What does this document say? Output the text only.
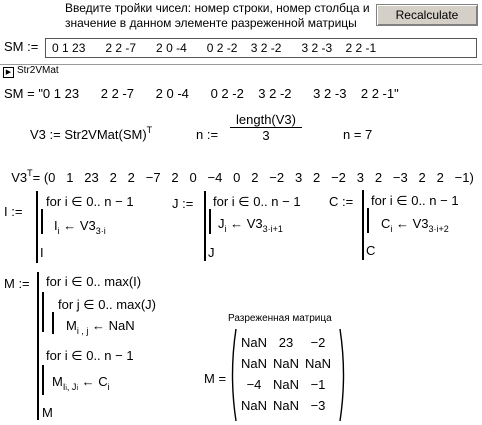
Введите тройки чисел: номер строки, номер столбца и
значение в данном элементе разреженной матрицы
Recalculate
SM :=	0 1 23      2 2 -7      2 0 -4      0 2 -2    3 2 -2      3 2 -3    2 2 -1
▶ Str2VMat
SM = "0 1 23      2 2 -7      2 0 -4      0 2 -2    3 2 -2      3 2 -3    2 2 -1"
V3 := Str2VMat(SM)$^T$	n :=
length(V3)
3	n = 7

$V3^T= (0$   1   23   2   2   −7   2   0   −4   0   2   −2   3   2   −2   3   2   −3   2   2   −1)

I :=
for i ∈ 0.. n − 1
$I_i$ ← $V3_{3\cdot i}$
I
J := for i ∈ 0.. n − 1
$J_i$ ← $V3_{3\cdot i+1}$
J
C := for i ∈ 0.. n − 1
$C_i$ ← $V3_{3\cdot i+2}$
C
M := for i ∈ 0.. max(I)
for j ∈ 0.. max(J)
$M_{i , j}$ ← NaN
for i ∈ 0.. n − 1
$M_{Ii, Ji}$ ← $C_i$
M
Разреженная матрица
M =
NaN	23	−2
NaN	NaN	NaN
−4	NaN	−1
NaN	NaN	−3
